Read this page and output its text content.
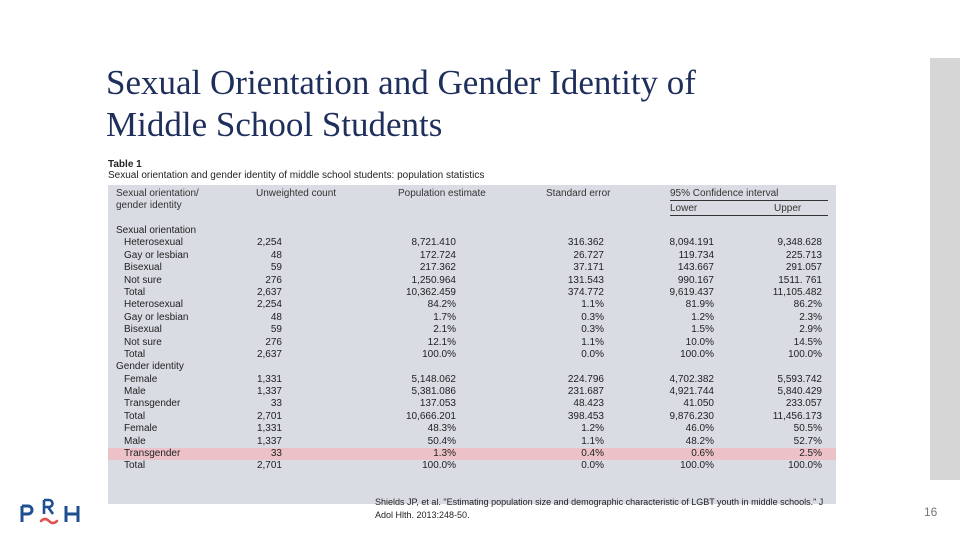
Sexual Orientation and Gender Identity of
Middle School Students
Table 1
Sexual orientation and gender identity of middle school students: population statistics
Sexual orientation/
gender identity
Unweighted count	Population estimate	Standard error	95% Confidence interval
Lower	Upper
Sexual orientation
Heterosexual	2,254	8,721.410	316.362	8,094.191	9,348.628
Gay or lesbian	48	172.724	26.727	119.734	225.713
Bisexual	59	217.362	37.171	143.667	291.057
Not sure	276	1,250.964	131.543	990.167	1511. 761
Total	2,637	10,362.459	374.772	9,619.437	11,105.482
Heterosexual	2,254	84.2%	1.1%	81.9%	86.2%
Gay or lesbian	48	1.7%	0.3%	1.2%	2.3%
Bisexual	59	2.1%	0.3%	1.5%	2.9%
Not sure	276	12.1%	1.1%	10.0%	14.5%
Total	2,637	100.0%	0.0%	100.0%	100.0%
Gender identity
Female	1,331	5,148.062	224.796	4,702.382	5,593.742
Male	1,337	5,381.086	231.687	4,921.744	5,840.429
Transgender	33	137.053	48.423	41.050	233.057
Total	2,701	10,666.201	398.453	9,876.230	11,456.173
Female	1,331	48.3%	1.2%	46.0%	50.5%
Male	1,337	50.4%	1.1%	48.2%	52.7%
Transgender	33	1.3%	0.4%	0.6%	2.5%
Total	2,701	100.0%	0.0%	100.0%	100.0%
Shields JP, et al. "Estimating population size and demographic characteristic of LGBT youth in middle schools." J Adol Hlth. 2013:248-50.	16
